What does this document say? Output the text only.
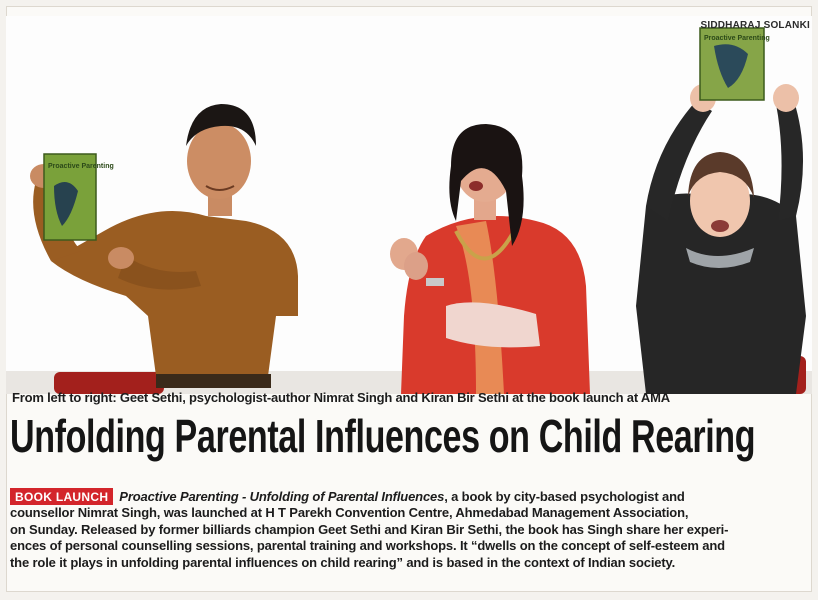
Proactive Parenting
Proactive Parenting
SIDDHARAJ SOLANKI
From left to right: Geet Sethi, psychologist-author Nimrat Singh and Kiran Bir Sethi at the book launch at AMA
Unfolding Parental Influences on Child Rearing
BOOK LAUNCH Proactive Parenting - Unfolding of Parental Influences, a book by city-based psychologist and
counsellor Nimrat Singh, was launched at H T Parekh Convention Centre, Ahmedabad Management Association,
on Sunday. Released by former billiards champion Geet Sethi and Kiran Bir Sethi, the book has Singh share her experi-
ences of personal counselling sessions, parental training and workshops. It “dwells on the concept of self-esteem and
the role it plays in unfolding parental influences on child rearing” and is based in the context of Indian society.
